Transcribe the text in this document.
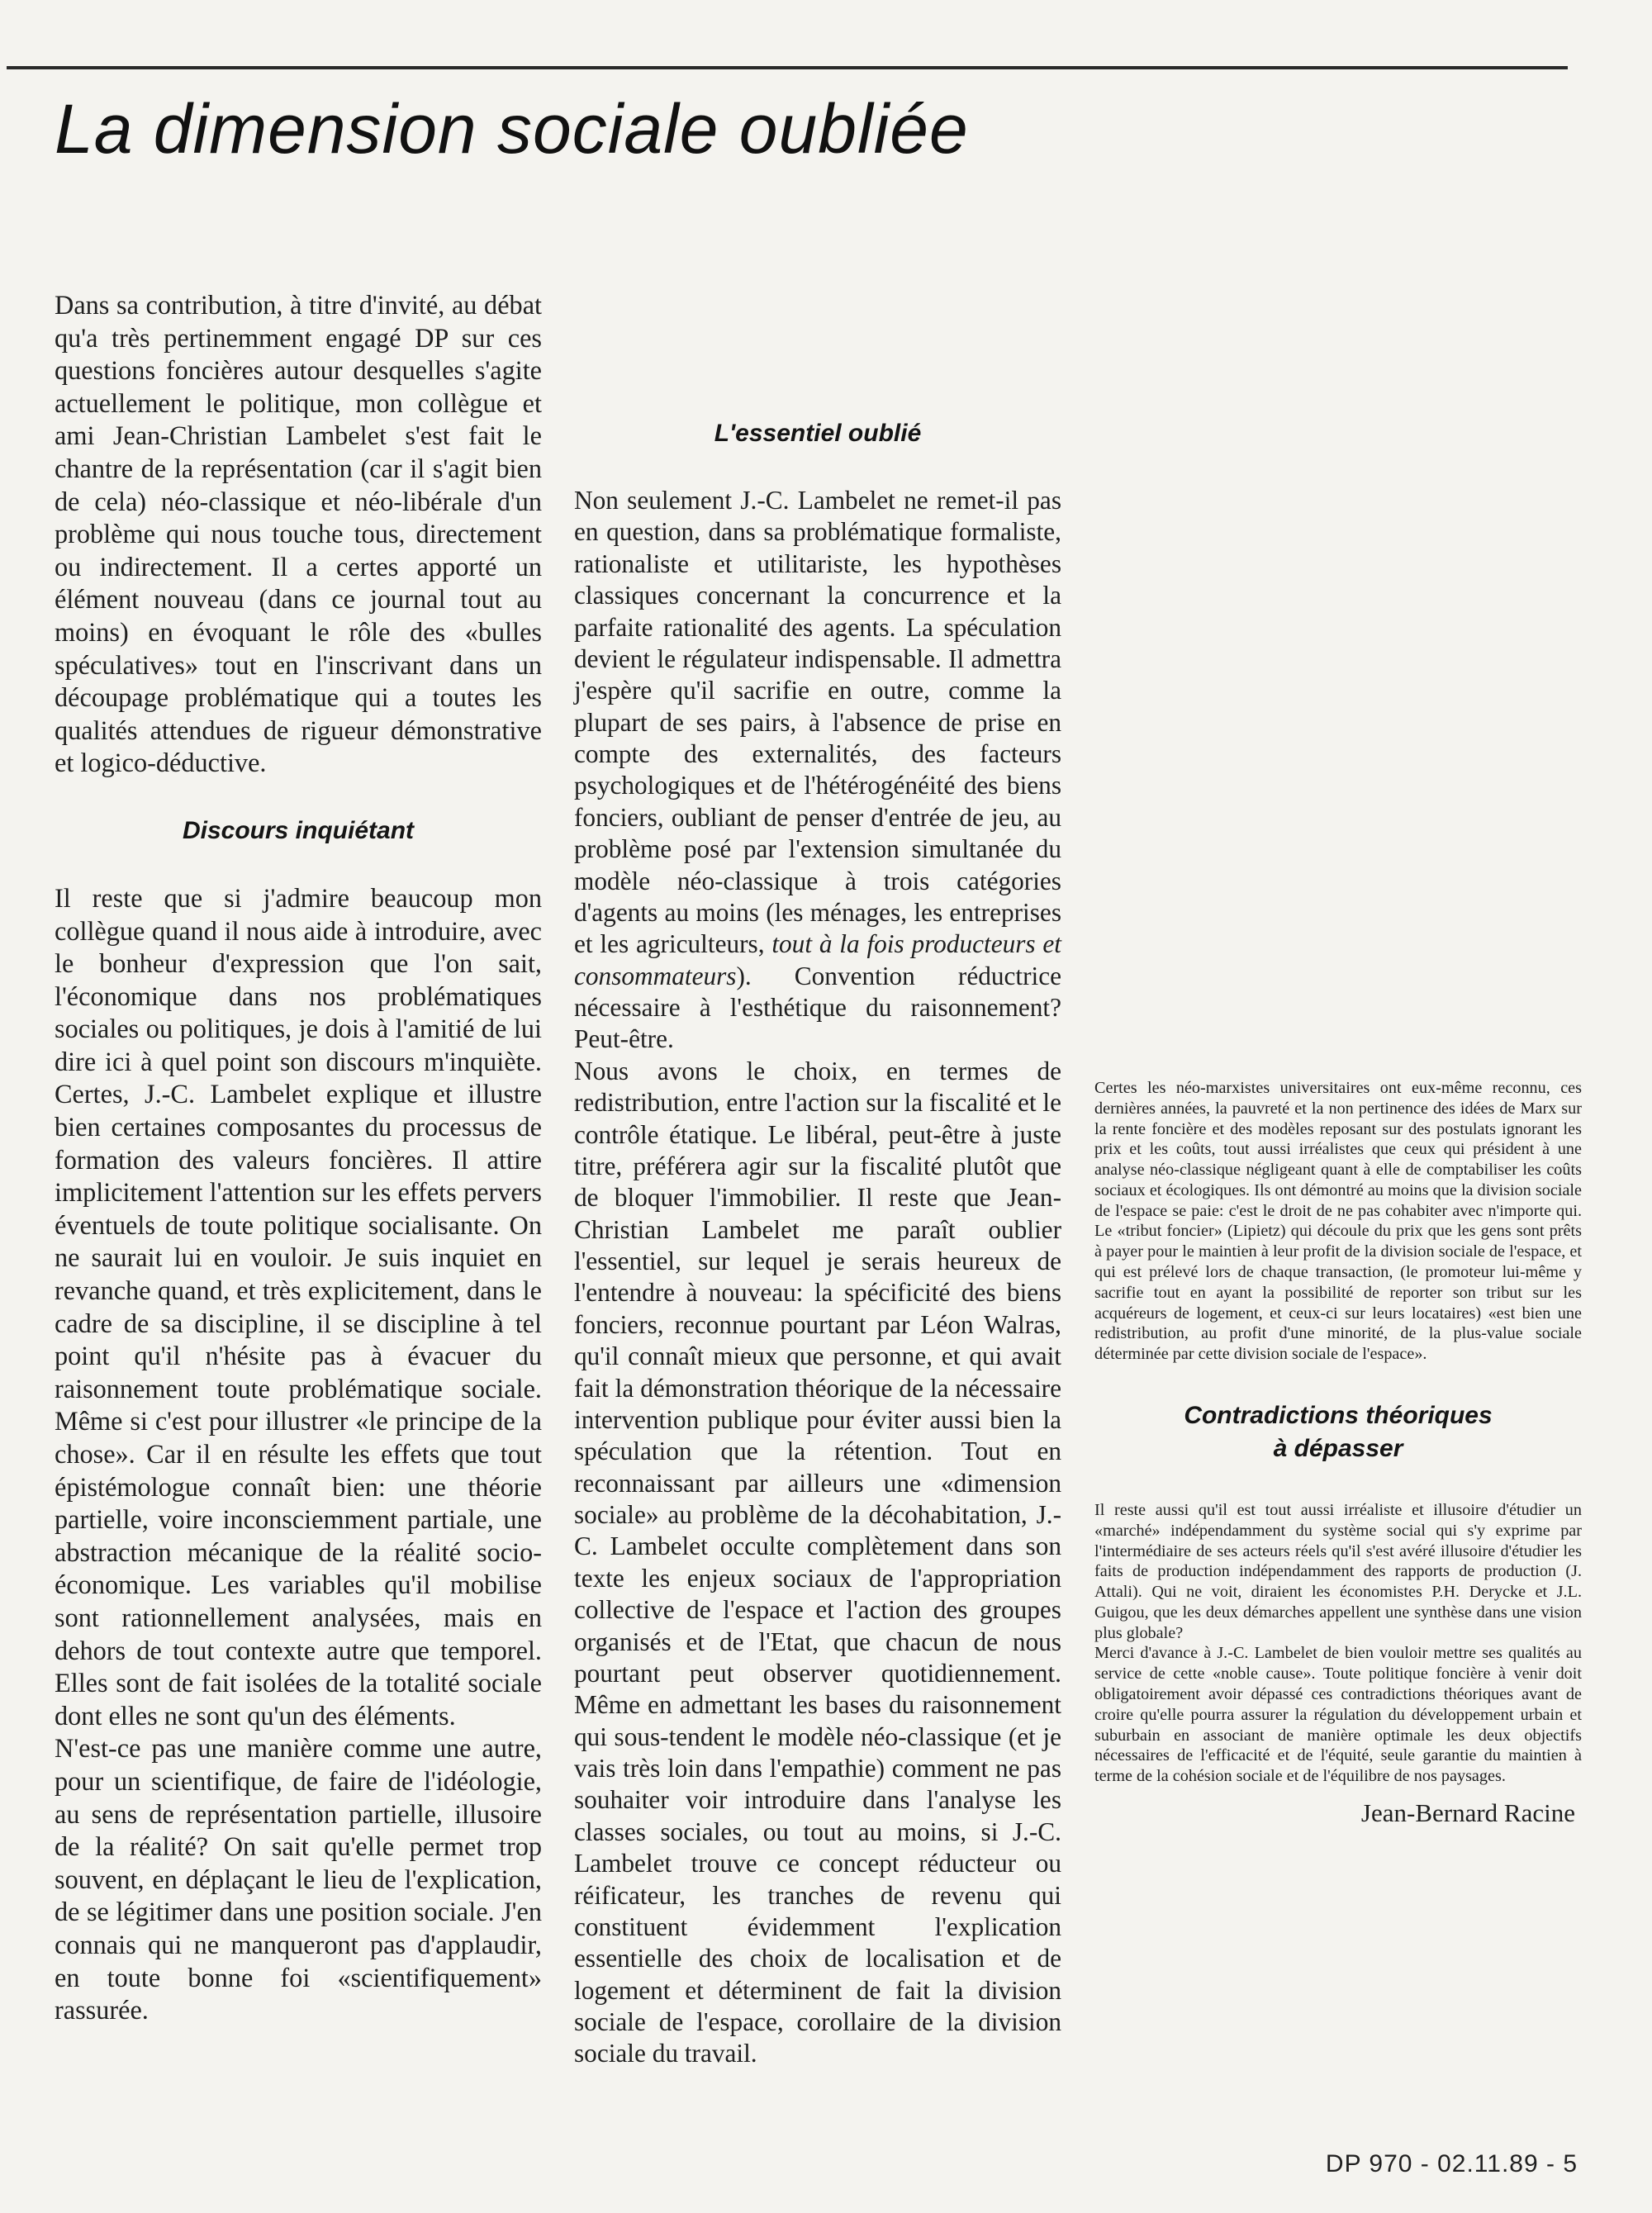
La dimension sociale oubliée

Dans sa contribution, à titre d'invité, au débat qu'a très pertinemment engagé DP sur ces questions foncières autour desquelles s'agite actuellement le politique, mon collègue et ami Jean-Christian Lambelet s'est fait le chantre de la représentation (car il s'agit bien de cela) néo-classique et néo-libérale d'un problème qui nous touche tous, directement ou indirectement. Il a certes apporté un élément nouveau (dans ce journal tout au moins) en évoquant le rôle des «bulles spéculatives» tout en l'inscrivant dans un découpage problématique qui a toutes les qualités attendues de rigueur démonstrative et logico-déductive.

Discours inquiétant

Il reste que si j'admire beaucoup mon collègue quand il nous aide à introduire, avec le bonheur d'expression que l'on sait, l'économique dans nos problématiques sociales ou politiques, je dois à l'amitié de lui dire ici à quel point son discours m'inquiète. Certes, J.-C. Lambelet explique et illustre bien certaines composantes du processus de formation des valeurs foncières. Il attire implicitement l'attention sur les effets pervers éventuels de toute politique socialisante. On ne saurait lui en vouloir. Je suis inquiet en revanche quand, et très explicitement, dans le cadre de sa discipline, il se discipline à tel point qu'il n'hésite pas à évacuer du raisonnement toute problématique sociale. Même si c'est pour illustrer «le principe de la chose». Car il en résulte les effets que tout épistémologue connaît bien: une théorie partielle, voire inconsciemment partiale, une abstraction mécanique de la réalité socio-économique. Les variables qu'il mobilise sont rationnellement analysées, mais en dehors de tout contexte autre que temporel. Elles sont de fait isolées de la totalité sociale dont elles ne sont qu'un des éléments.

N'est-ce pas une manière comme une autre, pour un scientifique, de faire de l'idéologie, au sens de représentation partielle, illusoire de la réalité? On sait qu'elle permet trop souvent, en déplaçant le lieu de l'explication, de se légitimer dans une position sociale. J'en connais qui ne manqueront pas d'applaudir, en toute bonne foi «scientifiquement» rassurée.

L'essentiel oublié

Non seulement J.-C. Lambelet ne remet-il pas en question, dans sa problématique formaliste, rationaliste et utilitariste, les hypothèses classiques concernant la concurrence et la parfaite rationalité des agents. La spéculation devient le régulateur indispensable. Il admettra j'espère qu'il sacrifie en outre, comme la plupart de ses pairs, à l'absence de prise en compte des externalités, des facteurs psychologiques et de l'hétérogénéité des biens fonciers, oubliant de penser d'entrée de jeu, au problème posé par l'extension simultanée du modèle néo-classique à trois catégories d'agents au moins (les ménages, les entreprises et les agriculteurs, tout à la fois producteurs et consommateurs). Convention réductrice nécessaire à l'esthétique du raisonnement? Peut-être.

Nous avons le choix, en termes de redistribution, entre l'action sur la fiscalité et le contrôle étatique. Le libéral, peut-être à juste titre, préférera agir sur la fiscalité plutôt que de bloquer l'immobilier. Il reste que Jean-Christian Lambelet me paraît oublier l'essentiel, sur lequel je serais heureux de l'entendre à nouveau: la spécificité des biens fonciers, reconnue pourtant par Léon Walras, qu'il connaît mieux que personne, et qui avait fait la démonstration théorique de la nécessaire intervention publique pour éviter aussi bien la spéculation que la rétention. Tout en reconnaissant par ailleurs une «dimension sociale» au problème de la décohabitation, J.-C. Lambelet occulte complètement dans son texte les enjeux sociaux de l'appropriation collective de l'espace et l'action des groupes organisés et de l'Etat, que chacun de nous pourtant peut observer quotidiennement. Même en admettant les bases du raisonnement qui sous-tendent le modèle néo-classique (et je vais très loin dans l'empathie) comment ne pas souhaiter voir introduire dans l'analyse les classes sociales, ou tout au moins, si J.-C. Lambelet trouve ce concept réducteur ou réificateur, les tranches de revenu qui constituent évidemment l'explication essentielle des choix de localisation et de logement et déterminent de fait la division sociale de l'espace, corollaire de la division sociale du travail.

Certes les néo-marxistes universitaires ont eux-même reconnu, ces dernières années, la pauvreté et la non pertinence des idées de Marx sur la rente foncière et des modèles reposant sur des postulats ignorant les prix et les coûts, tout aussi irréalistes que ceux qui président à une analyse néo-classique négligeant quant à elle de comptabiliser les coûts sociaux et écologiques. Ils ont démontré au moins que la division sociale de l'espace se paie: c'est le droit de ne pas cohabiter avec n'importe qui. Le «tribut foncier» (Lipietz) qui découle du prix que les gens sont prêts à payer pour le maintien à leur profit de la division sociale de l'espace, et qui est prélevé lors de chaque transaction, (le promoteur lui-même y sacrifie tout en ayant la possibilité de reporter son tribut sur les acquéreurs de logement, et ceux-ci sur leurs locataires) «est bien une redistribution, au profit d'une minorité, de la plus-value sociale déterminée par cette division sociale de l'espace».

Contradictions théoriques
à dépasser

Il reste aussi qu'il est tout aussi irréaliste et illusoire d'étudier un «marché» indépendamment du système social qui s'y exprime par l'intermédiaire de ses acteurs réels qu'il s'est avéré illusoire d'étudier les faits de production indépendamment des rapports de production (J. Attali). Qui ne voit, diraient les économistes P.H. Derycke et J.L. Guigou, que les deux démarches appellent une synthèse dans une vision plus globale?

Merci d'avance à J.-C. Lambelet de bien vouloir mettre ses qualités au service de cette «noble cause». Toute politique foncière à venir doit obligatoirement avoir dépassé ces contradictions théoriques avant de croire qu'elle pourra assurer la régulation du développement urbain et suburbain en associant de manière optimale les deux objectifs nécessaires de l'efficacité et de l'équité, seule garantie du maintien à terme de la cohésion sociale et de l'équilibre de nos paysages.

Jean-Bernard Racine

DP 970 - 02.11.89 - 5
